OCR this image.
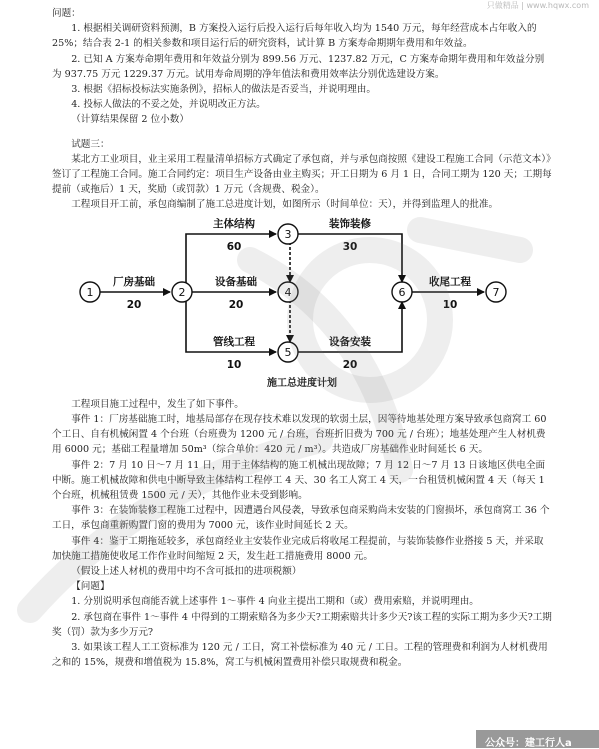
只做精品 | www.hqwx.com

问题：

1. 根据相关调研资料预测，B 方案投入运行后投入运行后每年收入均为 1540 万元，每年经营成本占年收入的 25%；结合表 2-1 的相关参数和项目运行后的研究资料，试计算 B 方案寿命期期年费用和年效益。

2. 已知 A 方案寿命期年费用和年效益分别为 899.56 万元、1237.82 万元，C 方案寿命期年费用和年效益分别为 937.75 万元 1229.37 万元。试用寿命周期的净年值法和费用效率法分别优选建设方案。

3. 根据《招标投标法实施条例》，招标人的做法是否妥当，并说明理由。

4. 投标人做法的不妥之处，并说明改正方法。

（计算结果保留 2 位小数）

试题三：

某北方工业项目，业主采用工程量清单招标方式确定了承包商，并与承包商按照《建设工程施工合同（示范文本）》签订了工程施工合同。施工合同约定：项目生产设备由业主购买；开工日期为 6 月 1 日，合同工期为 120 天；工期每提前（或拖后）1 天，奖励（或罚款）1 万元（含规费、税金）。

工程项目开工前，承包商编制了施工总进度计划，如图所示（时间单位：天），并得到监理人的批准。

厂房基础
20
主体结构
60
装饰装修
30
设备基础
20
管线工程
10
设备安装
20
收尾工程
10
1	2
3
4
5
6	7
施工总进度计划

工程项目施工过程中，发生了如下事件。

事件 1：厂房基础施工时，地基局部存在现存技术难以发现的软弱土层，因等待地基处理方案导致承包商窝工 60 个工日、自有机械闲置 4 个台班（台班费为 1200 元 / 台班，台班折旧费为 700 元 / 台班）；地基处理产生人材机费用 6000 元；基础工程量增加 50m³（综合单价：420 元 / m³）。共造成厂房基础作业时间延长 6 天。

事件 2：7 月 10 日～7 月 11 日，用于主体结构的施工机械出现故障；7 月 12 日～7 月 13 日该地区供电全面中断。施工机械故障和供电中断导致主体结构工程停工 4 天、30 名工人窝工 4 天，一台租赁机械闲置 4 天（每天 1 个台班，机械租赁费 1500 元 / 天），其他作业未受到影响。

事件 3：在装饰装修工程施工过程中，因遭遇台风侵袭，导致承包商采购尚未安装的门窗损坏，承包商窝工 36 个工日，承包商重新购置门窗的费用为 7000 元，该作业时间延长 2 天。

事件 4：鉴于工期拖延较多，承包商经业主安装作业完成后将收尾工程提前，与装饰装修作业搭接 5 天，并采取加快施工措施使收尾工作作业时间缩短 2 天，发生赶工措施费用 8000 元。

（假设上述人材机的费用中均不含可抵扣的进项税额）

【问题】

1. 分别说明承包商能否就上述事件 1～事件 4 向业主提出工期和（或）费用索赔，并说明理由。

2. 承包商在事件 1～事件 4 中得到的工期索赔各为多少天?工期索赔共计多少天?该工程的实际工期为多少天?工期奖（罚）款为多少万元?

3. 如果该工程人工工资标准为 120 元 / 工日，窝工补偿标准为 40 元 / 工日。工程的管理费和利润为人材机费用之和的 15%，规费和增值税为 15.8%，窝工与机械闲置费用补偿只取规费和税金。

公众号：建工行人a
